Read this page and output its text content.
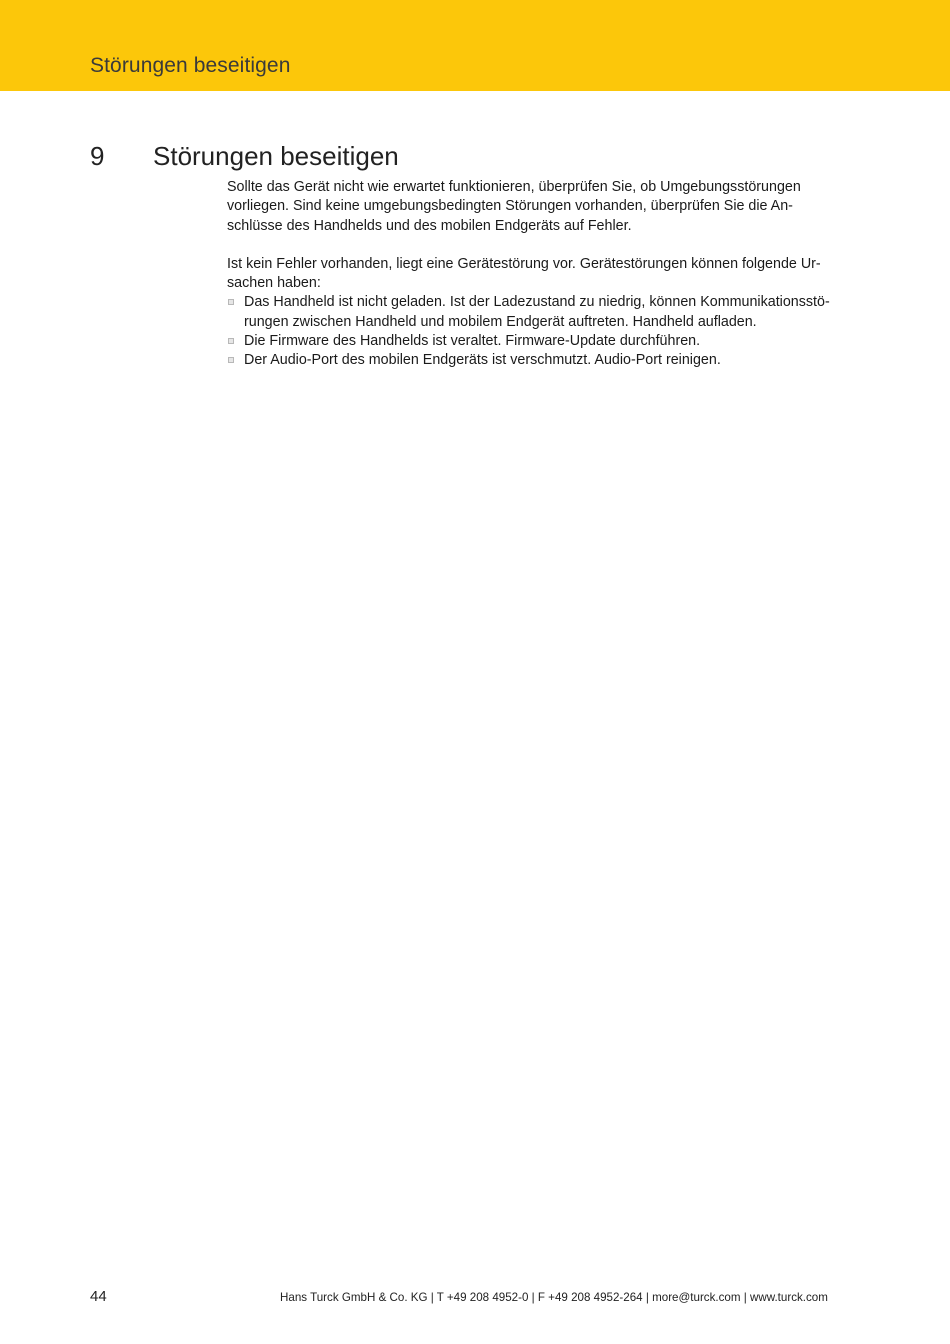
Störungen beseitigen
9 Störungen beseitigen

Sollte das Gerät nicht wie erwartet funktionieren, überprüfen Sie, ob Umgebungsstörungen
vorliegen. Sind keine umgebungsbedingten Störungen vorhanden, überprüfen Sie die An-
schlüsse des Handhelds und des mobilen Endgeräts auf Fehler.

Ist kein Fehler vorhanden, liegt eine Gerätestörung vor. Gerätestörungen können folgende Ur-
sachen haben:

Das Handheld ist nicht geladen. Ist der Ladezustand zu niedrig, können Kommunikationsstö-
rungen zwischen Handheld und mobilem Endgerät auftreten. Handheld aufladen.
Die Firmware des Handhelds ist veraltet. Firmware-Update durchführen.
Der Audio-Port des mobilen Endgeräts ist verschmutzt. Audio-Port reinigen.
44	Hans Turck GmbH & Co. KG | T +49 208 4952-0 | F +49 208 4952-264 | more@turck.com | www.turck.com
